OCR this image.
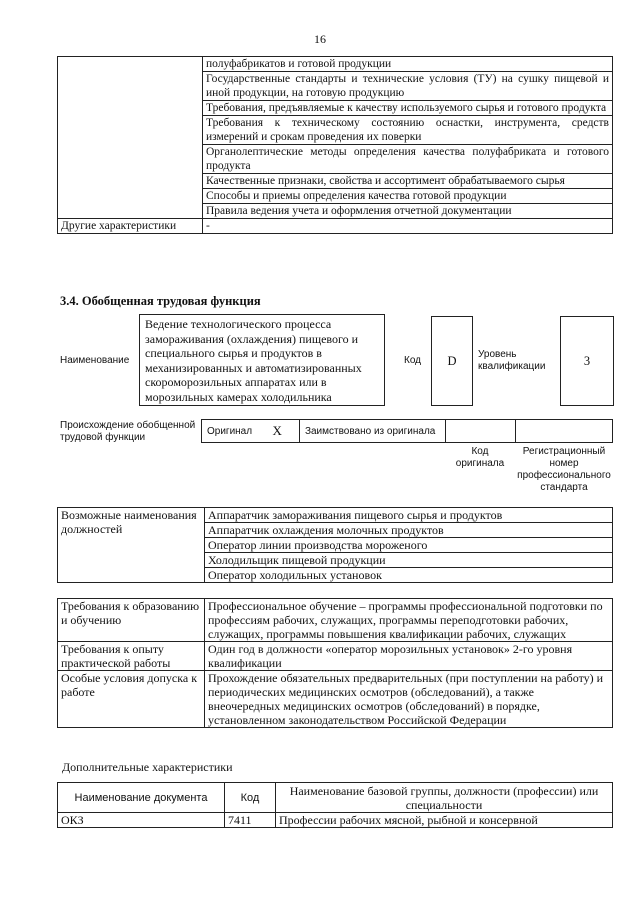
16
	полуфабрикатов и готовой продукции
	Государственные стандарты и технические условия (ТУ) на сушку пищевой и иной продукции, на готовую продукцию
	Требования, предъявляемые к качеству используемого сырья и готового продукта
	Требования к техническому состоянию оснастки, инструмента, средств измерений и срокам проведения их поверки
	Органолептические методы определения качества полуфабриката и готового продукта
	Качественные признаки, свойства и ассортимент обрабатываемого сырья
	Способы и приемы определения качества готовой продукции
	Правила ведения учета и оформления отчетной документации
Другие характеристики	-
3.4. Обобщенная трудовая функция
Наименование
Ведение технологического процесса замораживания (охлаждения) пищевого и специального сырья и продуктов в механизированных и автоматизированных скороморозильных аппаратах или в морозильных камерах холодильника
Код	D	Уровень квалификации	3
Происхождение обобщенной трудовой функции
Оригинал	X	Заимствовано из оригинала		
Код оригинала
Регистрационный номер профессионального стандарта
Возможные наименования должностей	Аппаратчик замораживания пищевого сырья и продуктов
Аппаратчик охлаждения молочных продуктов
Оператор линии производства мороженого
Холодильщик пищевой продукции
Оператор холодильных установок
Требования к образованию и обучению	Профессиональное обучение – программы профессиональной подготовки по профессиям рабочих, служащих, программы переподготовки рабочих, служащих, программы повышения квалификации рабочих, служащих
Требования к опыту практической работы	Один год в должности «оператор морозильных установок» 2-го уровня квалификации
Особые условия допуска к работе	Прохождение обязательных предварительных (при поступлении на работу) и периодических медицинских осмотров (обследований), а также внеочередных медицинских осмотров (обследований) в порядке, установленном законодательством Российской Федерации
Дополнительные характеристики
Наименование документа	Код	Наименование базовой группы, должности (профессии) или специальности
ОКЗ	7411	Профессии рабочих мясной, рыбной и консервной
